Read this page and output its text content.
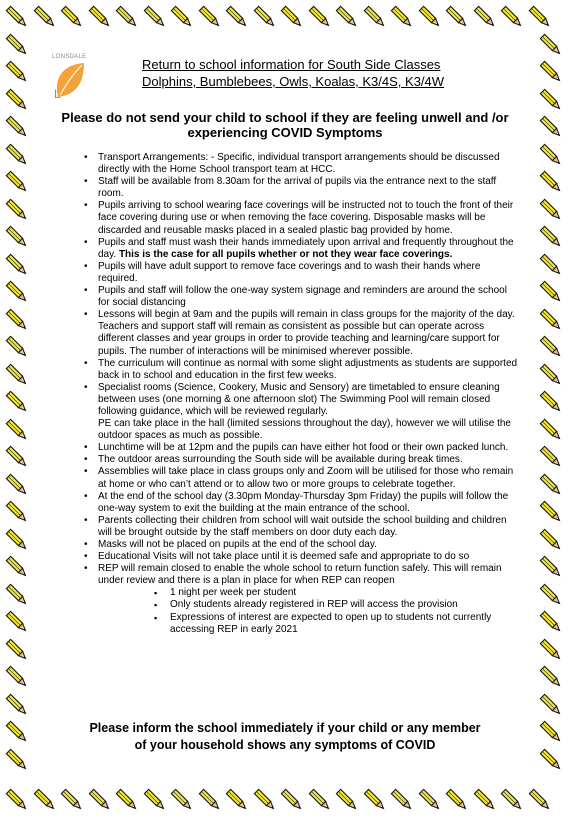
LONSDALE
L
Return to school information for South Side Classes
Dolphins, Bumblebees, Owls, Koalas, K3/4S, K3/4W
Please do not send your child to school if they are feeling unwell and /or
experiencing COVID Symptoms
• Transport Arrangements: - Specific, individual transport arrangements should be discussed directly with the Home School transport team at HCC.
• Staff will be available from 8.30am for the arrival of pupils via the entrance next to the staff room.
• Pupils arriving to school wearing face coverings will be instructed not to touch the front of their face covering during use or when removing the face covering. Disposable masks will be discarded and reusable masks placed in a sealed plastic bag provided by home.
• Pupils and staff must wash their hands immediately upon arrival and frequently throughout the day. This is the case for all pupils whether or not they wear face coverings.
• Pupils will have adult support to remove face coverings and to wash their hands where required.
• Pupils and staff will follow the one-way system signage and reminders are around the school for social distancing
• Lessons will begin at 9am and the pupils will remain in class groups for the majority of the day. Teachers and support staff will remain as consistent as possible but can operate across different classes and year groups in order to provide teaching and learning/care support for pupils. The number of interactions will be minimised wherever possible.
• The curriculum will continue as normal with some slight adjustments as students are supported back in to school and education in the first few weeks.
• Specialist rooms (Science, Cookery, Music and Sensory) are timetabled to ensure cleaning between uses (one morning & one afternoon slot) The Swimming Pool will remain closed following guidance, which will be reviewed regularly.
PE can take place in the hall (limited sessions throughout the day), however we will utilise the outdoor spaces as much as possible.
• Lunchtime will be at 12pm and the pupils can have either hot food or their own packed lunch.
• The outdoor areas surrounding the South side will be available during break times.
• Assemblies will take place in class groups only and Zoom will be utilised for those who remain at home or who can’t attend or to allow two or more groups to celebrate together.
• At the end of the school day (3.30pm Monday-Thursday 3pm Friday) the pupils will follow the one-way system to exit the building at the main entrance of the school.
• Parents collecting their children from school will wait outside the school building and children will be brought outside by the staff members on door duty each day.
• Masks will not be placed on pupils at the end of the school day.
• Educational Visits will not take place until it is deemed safe and appropriate to do so
• REP will remain closed to enable the whole school to return function safely. This will remain under review and there is a plan in place for when REP can reopen
▪ 1 night per week per student
▪ Only students already registered in REP will access the provision
▪ Expressions of interest are expected to open up to students not currently accessing REP in early 2021
Please inform the school immediately if your child or any member
of your household shows any symptoms of COVID
